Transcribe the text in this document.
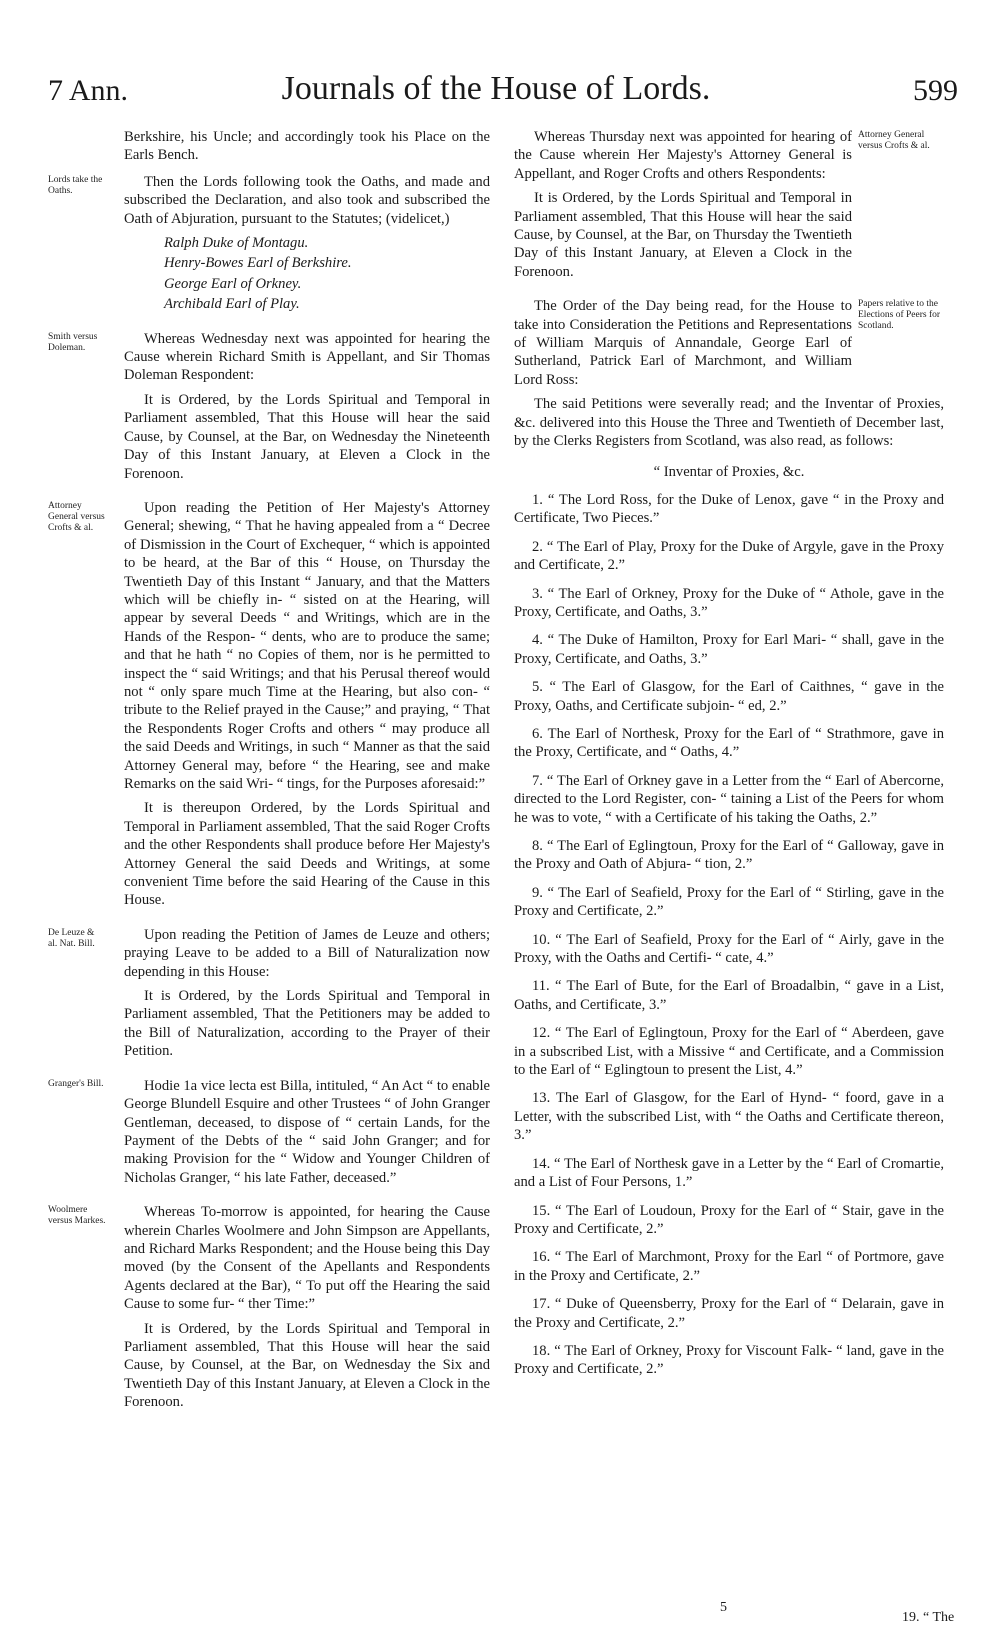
7 Ann.	Journals of the House of Lords.	599

Berkshire, his Uncle; and accordingly took his Place on the Earls Bench.

Lords take the Oaths.

Then the Lords following took the Oaths, and made and subscribed the Declaration, and also took and subscribed the Oath of Abjuration, pursuant to the Statutes; (videlicet,)

Ralph Duke of Montagu.
Henry-Bowes Earl of Berkshire.
George Earl of Orkney.
Archibald Earl of Play.
Smith versus Doleman.

Whereas Wednesday next was appointed for hearing the Cause wherein Richard Smith is Appellant, and Sir Thomas Doleman Respondent:

It is Ordered, by the Lords Spiritual and Temporal in Parliament assembled, That this House will hear the said Cause, by Counsel, at the Bar, on Wednesday the Nineteenth Day of this Instant January, at Eleven a Clock in the Forenoon.

Attorney General versus Crofts & al.

Upon reading the Petition of Her Majesty's Attorney General; shewing, “ That he having appealed from a “ Decree of Dismission in the Court of Exchequer, “ which is appointed to be heard, at the Bar of this “ House, on Thursday the Twentieth Day of this Instant “ January, and that the Matters which will be chiefly in- “ sisted on at the Hearing, will appear by several Deeds “ and Writings, which are in the Hands of the Respon- “ dents, who are to produce the same; and that he hath “ no Copies of them, nor is he permitted to inspect the “ said Writings; and that his Perusal thereof would not “ only spare much Time at the Hearing, but also con- “ tribute to the Relief prayed in the Cause;” and praying, “ That the Respondents Roger Crofts and others “ may produce all the said Deeds and Writings, in such “ Manner as that the said Attorney General may, before “ the Hearing, see and make Remarks on the said Wri- “ tings, for the Purposes aforesaid:”

It is thereupon Ordered, by the Lords Spiritual and Temporal in Parliament assembled, That the said Roger Crofts and the other Respondents shall produce before Her Majesty's Attorney General the said Deeds and Writings, at some convenient Time before the said Hearing of the Cause in this House.

De Leuze & al. Nat. Bill.

Upon reading the Petition of James de Leuze and others; praying Leave to be added to a Bill of Naturalization now depending in this House:

It is Ordered, by the Lords Spiritual and Temporal in Parliament assembled, That the Petitioners may be added to the Bill of Naturalization, according to the Prayer of their Petition.

Granger's Bill.	Hodie 1a vice lecta est Billa, intituled, “ An Act “ to enable George Blundell Esquire and other Trustees “ of John Granger Gentleman, deceased, to dispose of “ certain Lands, for the Payment of the Debts of the “ said John Granger; and for making Provision for the “ Widow and Younger Children of Nicholas Granger, “ his late Father, deceased.”

Woolmere versus Markes.

Whereas To-morrow is appointed, for hearing the Cause wherein Charles Woolmere and John Simpson are Appellants, and Richard Marks Respondent; and the House being this Day moved (by the Consent of the Apellants and Respondents Agents declared at the Bar), “ To put off the Hearing the said Cause to some fur- “ ther Time:”

It is Ordered, by the Lords Spiritual and Temporal in Parliament assembled, That this House will hear the said Cause, by Counsel, at the Bar, on Wednesday the Six and Twentieth Day of this Instant January, at Eleven a Clock in the Forenoon.

Attorney General versus Crofts & al.

Whereas Thursday next was appointed for hearing of the Cause wherein Her Majesty's Attorney General is Appellant, and Roger Crofts and others Respondents:

It is Ordered, by the Lords Spiritual and Temporal in Parliament assembled, That this House will hear the said Cause, by Counsel, at the Bar, on Thursday the Twentieth Day of this Instant January, at Eleven a Clock in the Forenoon.

Papers relative to the Elections of Peers for Scotland.

The Order of the Day being read, for the House to take into Consideration the Petitions and Representations of William Marquis of Annandale, George Earl of Sutherland, Patrick Earl of Marchmont, and William Lord Ross:

The said Petitions were severally read; and the Inventar of Proxies, &c. delivered into this House the Three and Twentieth of December last, by the Clerks Registers from Scotland, was also read, as follows:

“ Inventar of Proxies, &c.

1. “ The Lord Ross, for the Duke of Lenox, gave “ in the Proxy and Certificate, Two Pieces.”

2. “ The Earl of Play, Proxy for the Duke of Argyle, gave in the Proxy and Certificate, 2.”

3. “ The Earl of Orkney, Proxy for the Duke of “ Athole, gave in the Proxy, Certificate, and Oaths, 3.”

4. “ The Duke of Hamilton, Proxy for Earl Mari- “ shall, gave in the Proxy, Certificate, and Oaths, 3.”

5. “ The Earl of Glasgow, for the Earl of Caithnes, “ gave in the Proxy, Oaths, and Certificate subjoin- “ ed, 2.”

6. The Earl of Northesk, Proxy for the Earl of “ Strathmore, gave in the Proxy, Certificate, and “ Oaths, 4.”

7. “ The Earl of Orkney gave in a Letter from the “ Earl of Abercorne, directed to the Lord Register, con- “ taining a List of the Peers for whom he was to vote, “ with a Certificate of his taking the Oaths, 2.”

8. “ The Earl of Eglingtoun, Proxy for the Earl of “ Galloway, gave in the Proxy and Oath of Abjura- “ tion, 2.”

9. “ The Earl of Seafield, Proxy for the Earl of “ Stirling, gave in the Proxy and Certificate, 2.”

10. “ The Earl of Seafield, Proxy for the Earl of “ Airly, gave in the Proxy, with the Oaths and Certifi- “ cate, 4.”

11. “ The Earl of Bute, for the Earl of Broadalbin, “ gave in a List, Oaths, and Certificate, 3.”

12. “ The Earl of Eglingtoun, Proxy for the Earl of “ Aberdeen, gave in a subscribed List, with a Missive “ and Certificate, and a Commission to the Earl of “ Eglingtoun to present the List, 4.”

13. The Earl of Glasgow, for the Earl of Hynd- “ foord, gave in a Letter, with the subscribed List, with “ the Oaths and Certificate thereon, 3.”

14. “ The Earl of Northesk gave in a Letter by the “ Earl of Cromartie, and a List of Four Persons, 1.”

15. “ The Earl of Loudoun, Proxy for the Earl of “ Stair, gave in the Proxy and Certificate, 2.”

16. “ The Earl of Marchmont, Proxy for the Earl “ of Portmore, gave in the Proxy and Certificate, 2.”

17. “ Duke of Queensberry, Proxy for the Earl of “ Delarain, gave in the Proxy and Certificate, 2.”

18. “ The Earl of Orkney, Proxy for Viscount Falk- “ land, gave in the Proxy and Certificate, 2.”

5
19. “ The
